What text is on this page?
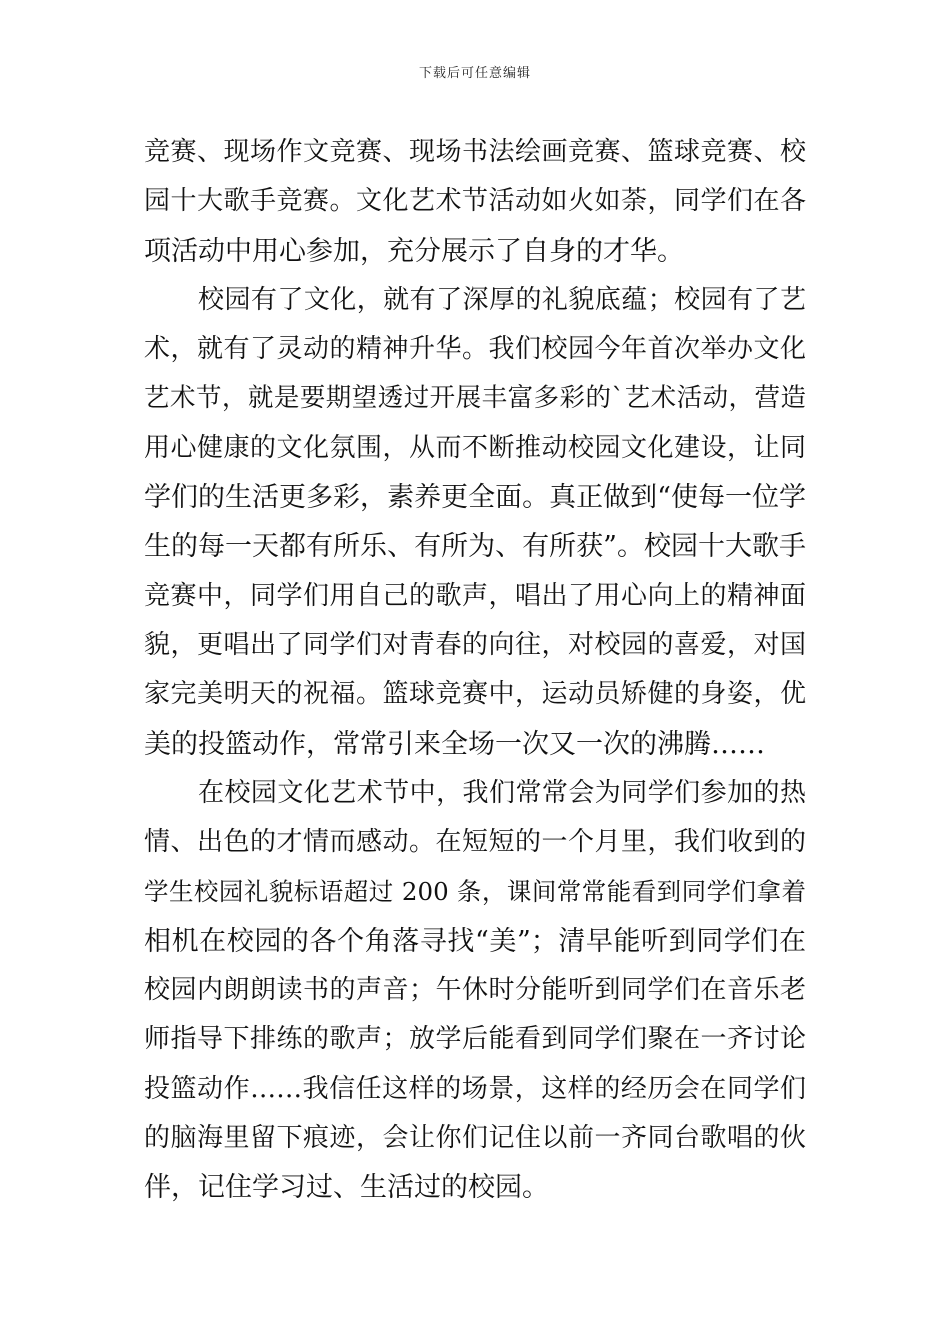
下载后可任意编辑
竞赛、现场作文竞赛、现场书法绘画竞赛、篮球竞赛、校
园十大歌手竞赛。文化艺术节活动如火如荼，同学们在各
项活动中用心参加，充分展示了自身的才华。
校园有了文化，就有了深厚的礼貌底蕴；校园有了艺
术，就有了灵动的精神升华。我们校园今年首次举办文化
艺术节，就是要期望透过开展丰富多彩的`艺术活动，营造
用心健康的文化氛围，从而不断推动校园文化建设，让同
学们的生活更多彩，素养更全面。真正做到“使每一位学
生的每一天都有所乐、有所为、有所获”。校园十大歌手
竞赛中，同学们用自己的歌声，唱出了用心向上的精神面
貌，更唱出了同学们对青春的向往，对校园的喜爱，对国
家完美明天的祝福。篮球竞赛中，运动员矫健的身姿，优
美的投篮动作，常常引来全场一次又一次的沸腾……
在校园文化艺术节中，我们常常会为同学们参加的热
情、出色的才情而感动。在短短的一个月里，我们收到的
学生校园礼貌标语超过 200 条，课间常常能看到同学们拿着
相机在校园的各个角落寻找“美”；清早能听到同学们在
校园内朗朗读书的声音；午休时分能听到同学们在音乐老
师指导下排练的歌声；放学后能看到同学们聚在一齐讨论
投篮动作……我信任这样的场景，这样的经历会在同学们
的脑海里留下痕迹，会让你们记住以前一齐同台歌唱的伙
伴，记住学习过、生活过的校园。
